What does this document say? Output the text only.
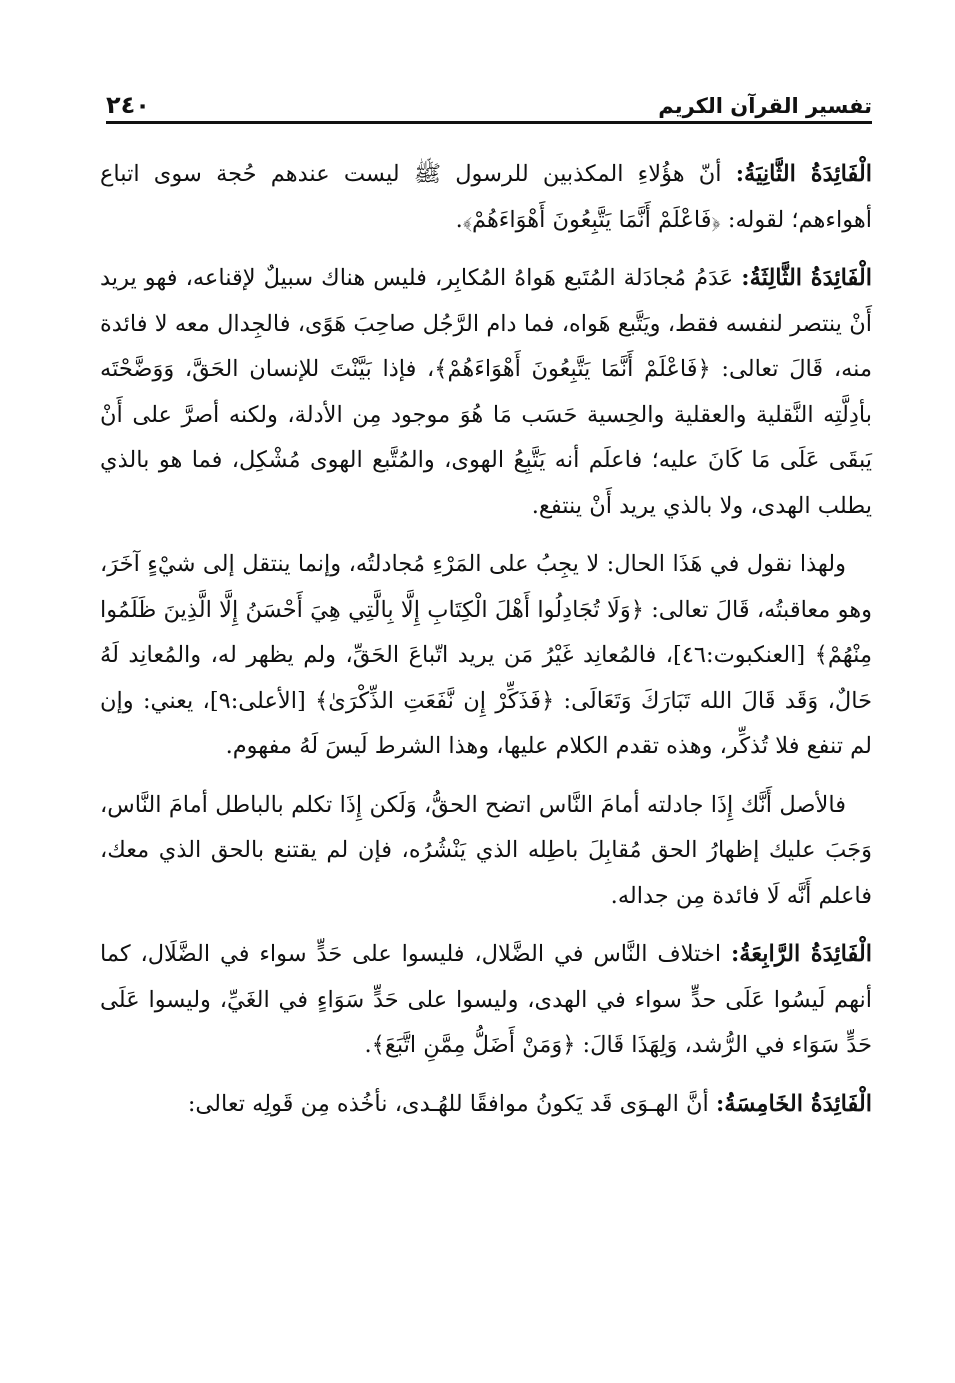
تفسير القرآن الكريم
٢٤٠

الْفَائِدَةُ الثَّانِيَةُ: أنّ هؤُلاءِ المكذبين للرسول ﷺ ليست عندهم حُجة سوى اتباع أهواءهم؛ لقوله: ﴿فَاعْلَمْ أَنَّمَا يَتَّبِعُونَ أَهْوَاءَهُمْ﴾.

الْفَائِدَةُ الثَّالِثَةُ: عَدَمُ مُجادَلة المُتَبع هَواهُ المُكابِر، فليس هناك سبيلٌ لإقناعه، فهو يريد أَنْ ينتصر لنفسه فقط، ويَتَّبع هَواه، فما دام الرَّجُل صاحِبَ هَوًى، فالجِدال معه لا فائدة منه، قَالَ تعالى: ﴿فَاعْلَمْ أَنَّمَا يَتَّبِعُونَ أَهْوَاءَهُمْ﴾، فإذا بَيَّنْتَ للإنسان الحَقَّ، وَوَضَّحْتَه بأدِلَّتِه النَّقلية والعقلية والحِسية حَسَب مَا هُوَ موجود مِن الأدلة، ولكنه أصرَّ على أَنْ يَبقَى عَلَى مَا كَانَ عليه؛ فاعلَم أنه يَتَّبِعُ الهوى، والمُتَّبع الهوى مُشْكِل، فما هو بالذي يطلب الهدى، ولا بالذي يريد أَنْ ينتفع.

ولهذا نقول في هَذَا الحال: لا يجِبُ على المَرْءِ مُجادلتُه، وإنما ينتقل إلى شيْءٍ آخَرَ، وهو معاقبتُه، قَالَ تعالى: ﴿وَلَا تُجَادِلُوا أَهْلَ الْكِتَابِ إِلَّا بِالَّتِي هِيَ أَحْسَنُ إِلَّا الَّذِينَ ظَلَمُوا مِنْهُمْ﴾ [العنكبوت:٤٦]، فالمُعانِد غَيْرُ مَن يريد اتّباعَ الحَقِّ، ولم يظهر له، والمُعانِد لَهُ حَالٌ، وَقَد قَالَ الله تَبَارَكَ وَتَعَالَى: ﴿فَذَكِّرْ إِن نَّفَعَتِ الذِّكْرَىٰ﴾ [الأعلى:٩]، يعني: وإن لم تنفع فلا تُذكِّر، وهذه تقدم الكلام عليها، وهذا الشرط لَيسَ لَهُ مفهوم.

فالأصل أَنَّك إِذَا جادلته أمامَ النَّاس اتضح الحقُّ، وَلَكن إِذَا تكلم بالباطل أمامَ النَّاس، وَجَبَ عليك إظهارُ الحق مُقابِلَ باطِله الذي يَنْشُرُه، فإن لم يقتنع بالحق الذي معك، فاعلم أَنَّه لَا فائدة مِن جداله.

الْفَائِدَةُ الرَّابِعَةُ: اختلاف النَّاس في الضَّلال، فليسوا على حَدٍّ سواء في الضَّلَال، كما أنهم لَيسُوا عَلَى حدٍّ سواء في الهدى، وليسوا على حَدٍّ سَوَاءٍ في الغَيِّ، وليسوا عَلَى حَدٍّ سَوَاء في الرُّشد، وَلِهَذَا قَالَ: ﴿وَمَنْ أَضَلُّ مِمَّنِ اتَّبَعَ﴾.

الْفَائِدَةُ الخَامِسَةُ: أنَّ الهـوَى قَد يَكونُ موافقًا للهُـدى، نأخُذه مِن قَولِه تعالى:
